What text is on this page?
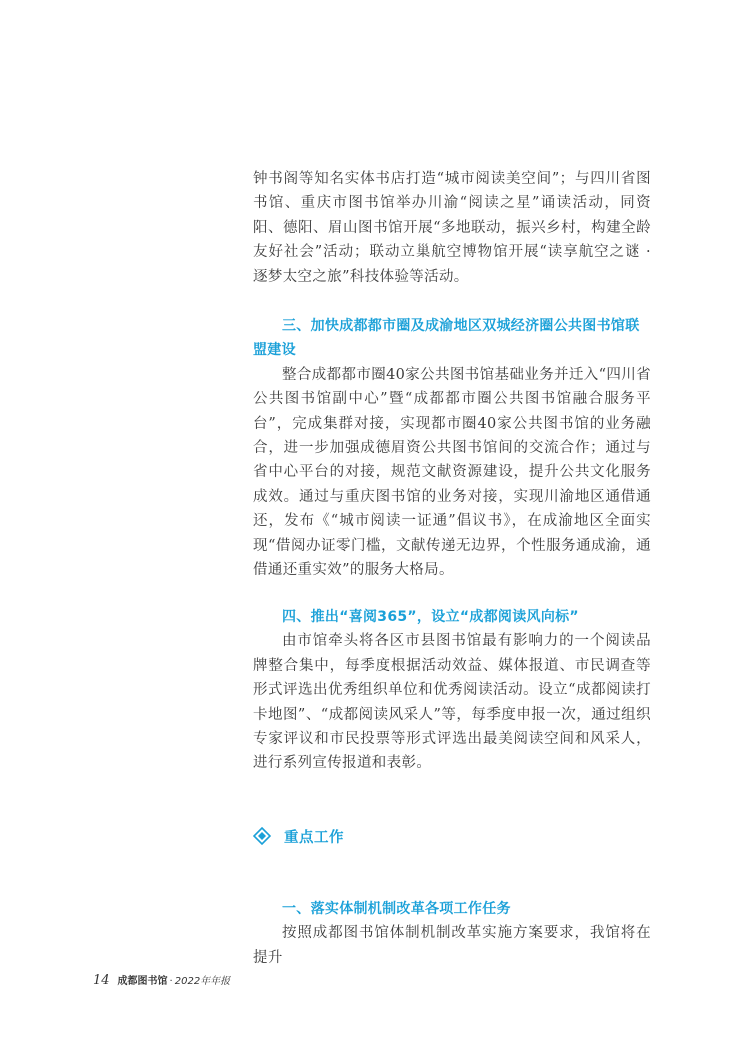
钟书阁等知名实体书店打造“城市阅读美空间”；与四川省图书馆、重庆市图书馆举办川渝“阅读之星”诵读活动，同资阳、德阳、眉山图书馆开展“多地联动，振兴乡村，构建全龄友好社会”活动；联动立巢航空博物馆开展“读享航空之谜 · 逐梦太空之旅”科技体验等活动。

三、加快成都都市圈及成渝地区双城经济圈公共图书馆联盟建设

整合成都都市圈40家公共图书馆基础业务并迁入“四川省公共图书馆副中心”暨“成都都市圈公共图书馆融合服务平台”，完成集群对接，实现都市圈40家公共图书馆的业务融合，进一步加强成德眉资公共图书馆间的交流合作；通过与省中心平台的对接，规范文献资源建设，提升公共文化服务成效。通过与重庆图书馆的业务对接，实现川渝地区通借通还，发布《“城市阅读一证通”倡议书》，在成渝地区全面实现“借阅办证零门槛，文献传递无边界，个性服务通成渝，通借通还重实效”的服务大格局。

四、推出“喜阅365”，设立“成都阅读风向标”

由市馆牵头将各区市县图书馆最有影响力的一个阅读品牌整合集中，每季度根据活动效益、媒体报道、市民调查等形式评选出优秀组织单位和优秀阅读活动。设立“成都阅读打卡地图”、“成都阅读风采人”等，每季度申报一次，通过组织专家评议和市民投票等形式评选出最美阅读空间和风采人，进行系列宣传报道和表彰。

重点工作

一、落实体制机制改革各项工作任务

按照成都图书馆体制机制改革实施方案要求，我馆将在提升

14 成都图书馆 · 2022年年报
